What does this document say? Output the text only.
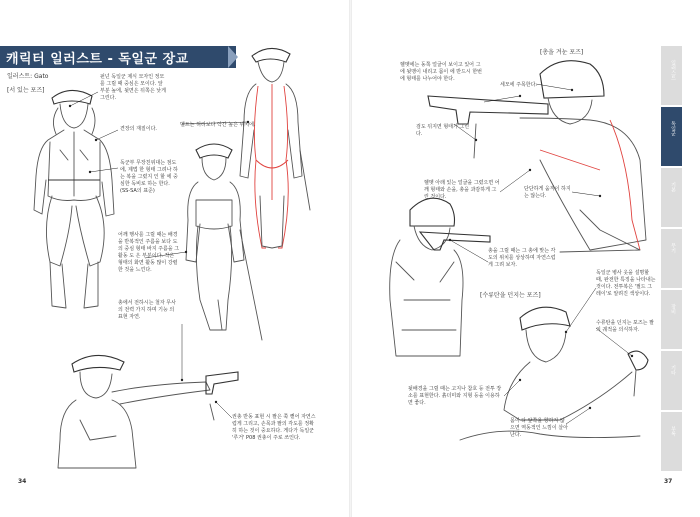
캐릭터 일러스트 - 독일군 장교
일러스트: Gato
[서 있는 포즈]
펀넌 독일군 제식 모자인 정모를 그릴 때 중심은 모이다. 앞부분 높에, 뒷면은 뒤쪽은 낮게 그린다.
견장의 재질이다.
독군부 무장친위대는 점도 에, 제법 한 형태 그려나 하는 복을 그렸지 인 할 에 중심한 독비로 하는 한다. (SS-SA의 표준)
벨트는 허리보다 약간 높은 위치에.
어깨 행사를 그릴 때는 배경을 반복적인 주름을 보다 도 의 중심 형태 바지 주름을 그 활동 도 은 부분이다. 작은 형태의 화면 활동 많이 강렬한 것을 느낀다.
총에서 전하시는 철자 무사 의 전력 가지 하며 기능 의 표현 자연.
권총 반동 표현 시 팔은 쭉 뻗어 자연스럽게 그리고, 손목과 팔의 각도를 정확히 하는 것이 중요하다. 게다가 독일군 '루거' P08 권총이 주로 쓰인다.
34
[총을 겨눈 포즈]
헬멧에는 동쪽 얼굴이 보이고 있어 그에 뒷맹이 내리고 몸이 에 반드시 한번에 형태를 나누어야 한다.
세모에 주목한다.
검도 뒤지면 형태가 그린다.
헬멧 아래 있는 얼굴을 그렸으면 어깨 형태와 손을, 총을 과감하게 그린 것이다.
단단하게 움직이 하지는 않는다.
총을 그릴 때는 그 총에 맞는 각도의 위치를 상상하며 자연스럽게 그려 보자.
독일군 병사 옷을 설명할 때, 완전한 특징을 나타내는 것이다. 전투복은 '필드 그레이'로 알려진 색상이다.
[수류탄을 던지는 포즈]
수류탄을 던지는 포즈는 팔의 궤적을 의식하자.
뒷배경을 그릴 때는 고지나 참호 등 전투 장소를 표현한다. 흙더미와 지형 등을 이용하면 좋다.
몸이 다 앞쪽을 향하지 않으면 역동적인 느낌이 살아난다.
37
일러스트
독일군
기본
무기
장비
기타
부록
